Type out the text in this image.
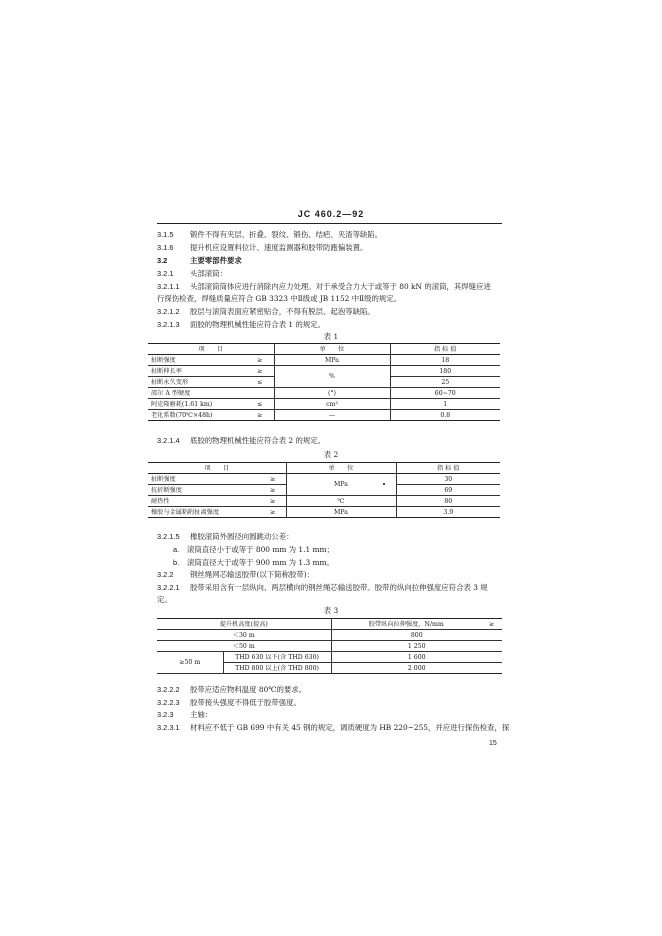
JC 460.2—92
3.1.5 锻件不得有夹层、折叠、裂纹、锻伤、结疤、夹渣等缺陷。
3.1.6 提升机应设置料位计、速度监测器和胶带防跑偏装置。
3.2	主要零部件要求
3.2.1 头部滚筒：
3.2.1.1 头部滚筒筒体应进行消除内应力处理。对于承受合力大于或等于 80 kN 的滚筒，其焊缝应进
行探伤检查，焊缝质量应符合 GB 3323 中Ⅱ级或 JB 1152 中Ⅱ级的规定。
3.2.1.2 胶层与滚筒表面应紧密贴合，不得有脱层、起泡等缺陷。
3.2.1.3 面胶的物理机械性能应符合表 1 的规定。
表 1
项　　目		单　　位	指 标 值
扯断强度	≥	MPa	18
扯断伸长率	≥	%	180
扯断永久变形	≤		25
邵尔 A 型硬度		(°)	60~70
阿克隆磨耗(1.61 km)	≤	cm³	1
老化系数(70℃×48h)	≥	—	0.8
3.2.1.4 底胶的物理机械性能应符合表 2 的规定。
表 2
项　　目		单　　位	指 标 值
扯断强度	≥	MPa	30
抗折断强度	≥		69
耐热性	≥	℃	80
橡胶与金属粘附扯离强度	≥	MPa	3.9
3.2.1.5 橡胶滚筒外圆径向圆跳动公差：
a. 滚筒直径小于或等于 800 mm 为 1.1 mm；
b. 滚筒直径大于或等于 900 mm 为 1.3 mm。
3.2.2 钢丝绳网芯输送胶带(以下简称胶带)：
3.2.2.1 胶带采用含有一层纵向、两层横向的钢丝绳芯输送胶带。胶带的纵向拉伸强度应符合表 3 规
定。
表 3
提升机高度(提高)		胶带纵向拉伸强度，N/mm	≥
＜30 m		800	
＜50 m		1 250	
≥50 m	THD 630 以下(含 THD 630)	1 600	
	THD 800 以上(含 THD 800)	2 000	
3.2.2.2 胶带应适应物料温度 80℃的要求。
3.2.2.3 胶带接头强度不得低于胶带强度。
3.2.3 主轴：
3.2.3.1 材料应不低于 GB 699 中有关 45 钢的规定，调质硬度为 HB 220~255，并应进行探伤检查，探
15
